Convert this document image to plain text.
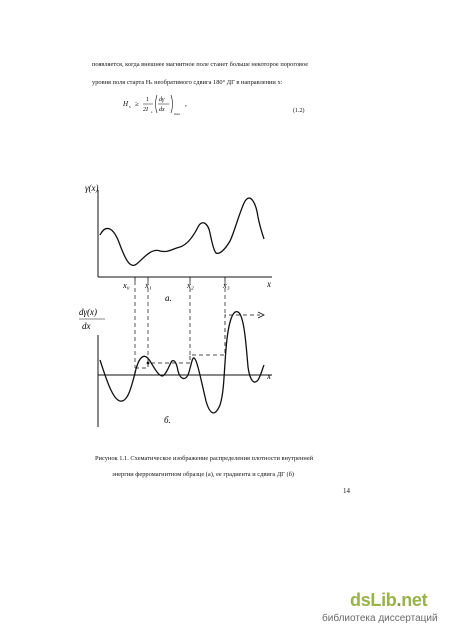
появляется, когда внешнее магнитное поле станет больше некоторое пороговое
уровня поля старта Hₛ необратимого сдвига 180° ДГ в направлении x:
H s ≥ 1
2I s
dγ
dx
max
,
(1.2)
γ(x)
x
x₀ x₁	x₂	x₃
а.
dγ(x)
dx
x
б.
Рисунок 1.1. Схематическое изображение распределения плотности внутренней
энергии ферромагнитном образце (а), ее градиента и сдвига ДГ (б)
14
dsLib.net
библиотека диссертаций
